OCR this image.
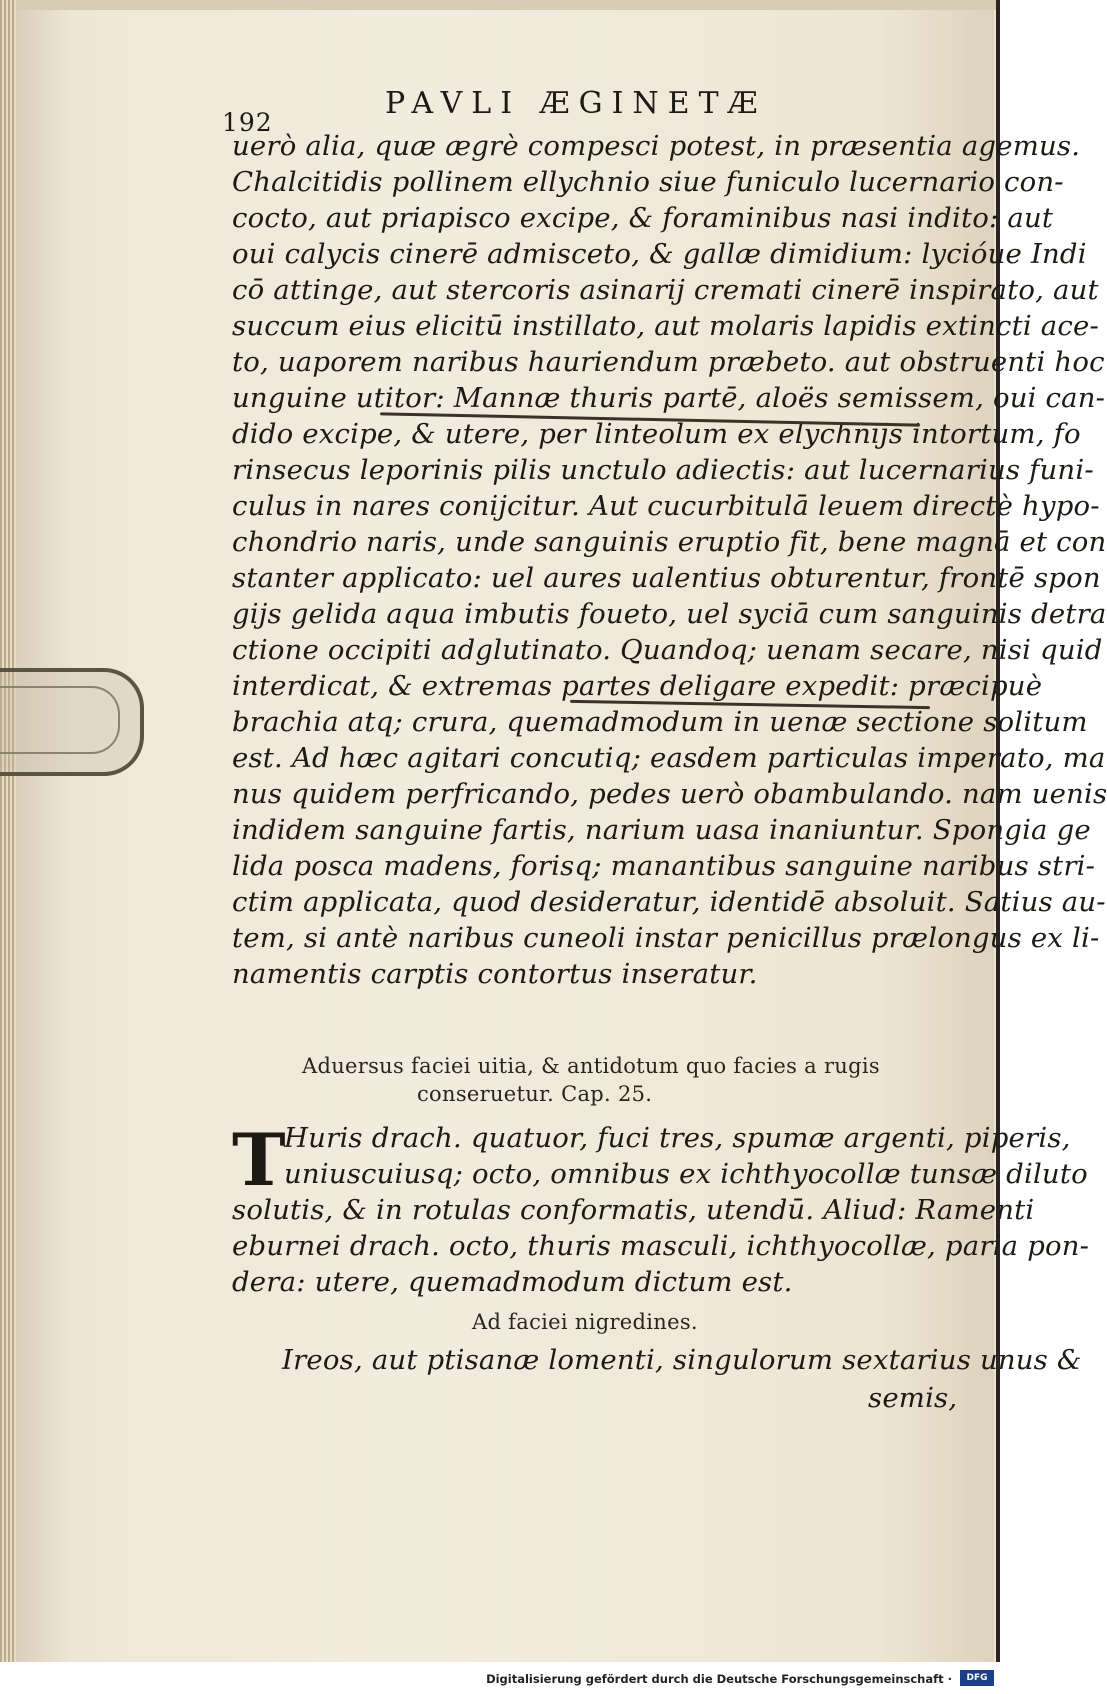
192
PAVLI ÆGINETÆ
uerò alia, quæ ægrè compesci potest, in præsentia agemus.
Chalcitidis pollinem ellychnio siue funiculo lucernario con-
cocto, aut priapisco excipe, & foraminibus nasi indito: aut
oui calycis cinerē admisceto, & gallæ dimidium: lycióue Indi
cō attinge, aut stercoris asinarij cremati cinerē inspirato, aut
succum eius elicitū instillato, aut molaris lapidis extincti ace-
to, uaporem naribus hauriendum præbeto. aut obstruenti hoc
unguine utitor: Mannæ thuris partē, aloës semissem, oui can-
dido excipe, & utere, per linteolum ex elychnijs intortum, fo
rinsecus leporinis pilis unctulo adiectis: aut lucernarius funi-
culus in nares conijcitur. Aut cucurbitulā leuem directè hypo-
chondrio naris, unde sanguinis eruptio fit, bene magnā et con
stanter applicato: uel aures ualentius obturentur, frontē spon
gijs gelida aqua imbutis foueto, uel syciā cum sanguinis detra
ctione occipiti adglutinato. Quandoq; uenam secare, nisi quid
interdicat, & extremas partes deligare expedit: præcipuè
brachia atq; crura, quemadmodum in uenæ sectione solitum
est. Ad hæc agitari concutiq; easdem particulas imperato, ma
nus quidem perfricando, pedes uerò obambulando. nam uenis
indidem sanguine fartis, narium uasa inaniuntur. Spongia ge
lida posca madens, forisq; manantibus sanguine naribus stri-
ctim applicata, quod desideratur, identidē absoluit. Satius au-
tem, si antè naribus cuneoli instar penicillus prælongus ex li-
namentis carptis contortus inseratur.
Aduersus faciei uitia, & antidotum quo facies a rugis
conseruetur. Cap. 25.
T
Huris drach. quatuor, fuci tres, spumæ argenti, piperis,
uniuscuiusq; octo, omnibus ex ichthyocollæ tunsæ diluto
solutis, & in rotulas conformatis, utendū. Aliud: Ramenti
eburnei drach. octo, thuris masculi, ichthyocollæ, paria pon-
dera: utere, quemadmodum dictum est.
Ad faciei nigredines.
Ireos, aut ptisanæ lomenti, singulorum sextarius unus &
semis,
Digitalisierung gefördert durch die Deutsche Forschungsgemeinschaft ·	DFG
